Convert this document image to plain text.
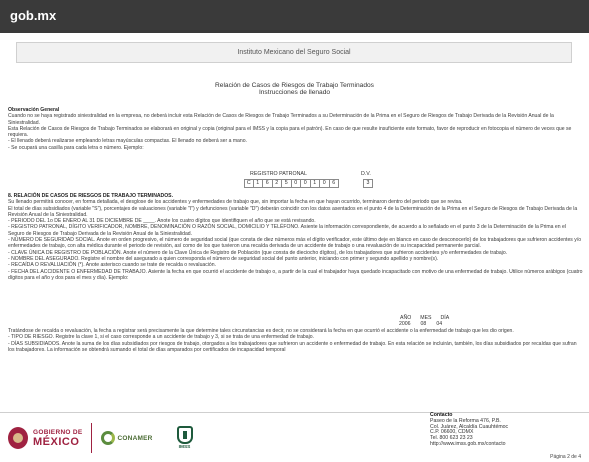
gob.mx
Instituto Mexicano del Seguro Social
Relación de Casos de Riesgos de Trabajo Terminados
Instrucciones de llenado

Observación General

Cuando no se haya registrado siniestralidad en la empresa, no deberá incluir esta Relación de Casos de Riesgos de Trabajo Terminados a su Determinación de la Prima en el Seguro de Riesgos de Trabajo Derivada de la Revisión Anual de la Siniestralidad.

Esta Relación de Casos de Riesgos de Trabajo Terminados se elaborará en original y copia (original para el IMSS y la copia para el patrón). En caso de que resulte insuficiente este formato, favor de reproducir en fotocopia el número de veces que se requiera.

- El llenado deberá realizarse empleando letras mayúsculas compactas. El llenado no deberá ser a mano.

- Se ocupará una casilla para cada letra o número. Ejemplo:

REGISTRO PATRONAL	D.V.
C	1	6	2	5	0	0	1	0	6	3

8. RELACIÓN DE CASOS DE RIESGOS DE TRABAJO TERMINADOS.

Su llenado permitirá conocer, en forma detallada, el desglose de los accidentes y enfermedades de trabajo que, sin importar la fecha en que hayan ocurrido, terminaron dentro del periodo que se revisa.

El total de días subsidiados (variable "S"), porcentajes de valuaciones (variable "I") y defunciones (variable "D") deberán coincidir con los datos asentados en el punto 4 de la Determinación de la Prima en el Seguro de Riesgos de Trabajo Derivada de la Revisión Anual de la Siniestralidad.

- PERIODO DEL 1o DE ENERO AL 31 DE DICIEMBRE DE ____. Anote los cuatro dígitos que identifiquen el año que se está revisando.

- REGISTRO PATRONAL, DÍGITO VERIFICADOR, NOMBRE, DENOMINACIÓN O RAZÓN SOCIAL, DOMICILIO Y TELÉFONO. Asiente la información correspondiente, de acuerdo a lo señalado en el punto 3 de la Determinación de la Prima en el Seguro de Riesgos de Trabajo Derivada de la Revisión Anual de la Siniestralidad.

- NÚMERO DE SEGURIDAD SOCIAL. Anote en orden progresivo, el número de seguridad social (que consta de diez números más el dígito verificador, este último deje en blanco en caso de desconocerlo) de los trabajadores que sufrieron accidentes y/o enfermedades de trabajo, con alta médica durante el periodo de revisión, así como de los que tuvieron una recaída derivada de un accidente de trabajo o una revaluación de su incapacidad permanente parcial.

- CLAVE ÚNICA DE REGISTRO DE POBLACIÓN. Anote el número de la Clave Única de Registro de Población (que consta de dieciocho dígitos), de los trabajadores que sufrieron accidentes y/o enfermedades de trabajo.

- NOMBRE DEL ASEGURADO. Registre el nombre del asegurado a quien corresponda el número de seguridad social del punto anterior, iniciando con primer y segundo apellido y nombre(s).

- RECAÍDA O REVALUACIÓN (*). Anote asterisco cuando se trate de recaída o revaluación.

- FECHA DEL ACCIDENTE O ENFERMEDAD DE TRABAJO. Asiente la fecha en que ocurrió el accidente de trabajo o, a partir de la cual el trabajador haya quedado incapacitado con motivo de una enfermedad de trabajo. Utilice números arábigos (cuatro dígitos para el año y dos para el mes y día). Ejemplo:

AÑO MES DÍA
2006 08 04

Tratándose de recaída o revaluación, la fecha a registrar será precisamente la que determine tales circunstancias es decir, no se considerará la fecha en que ocurrió el accidente o la enfermedad de trabajo que les dio origen.

- TIPO DE RIESGO. Registre la clave 1, si el caso corresponde a un accidente de trabajo y 3, si se trata de una enfermedad de trabajo.

- DÍAS SUBSIDIADOS. Anote la suma de los días subsidiados por riesgos de trabajo, otorgados a los trabajadores que sufrieron un accidente o enfermedad de trabajo. En esta relación se incluirán, también, los días subsidiados por recaídas que sufran los trabajadores. La información se obtendrá sumando el total de días amparados por certificados de incapacidad temporal

GOBIERNO DE
MÉXICO	CONAMER
IMSS
Contacto
Paseo de la Reforma 476, P.B.
Col. Juárez, Alcaldía Cuauhtémoc
C.P. 06600, CDMX
Tel. 800 623 23 23
http://www.imss.gob.mx/contacto
Página 2 de 4
